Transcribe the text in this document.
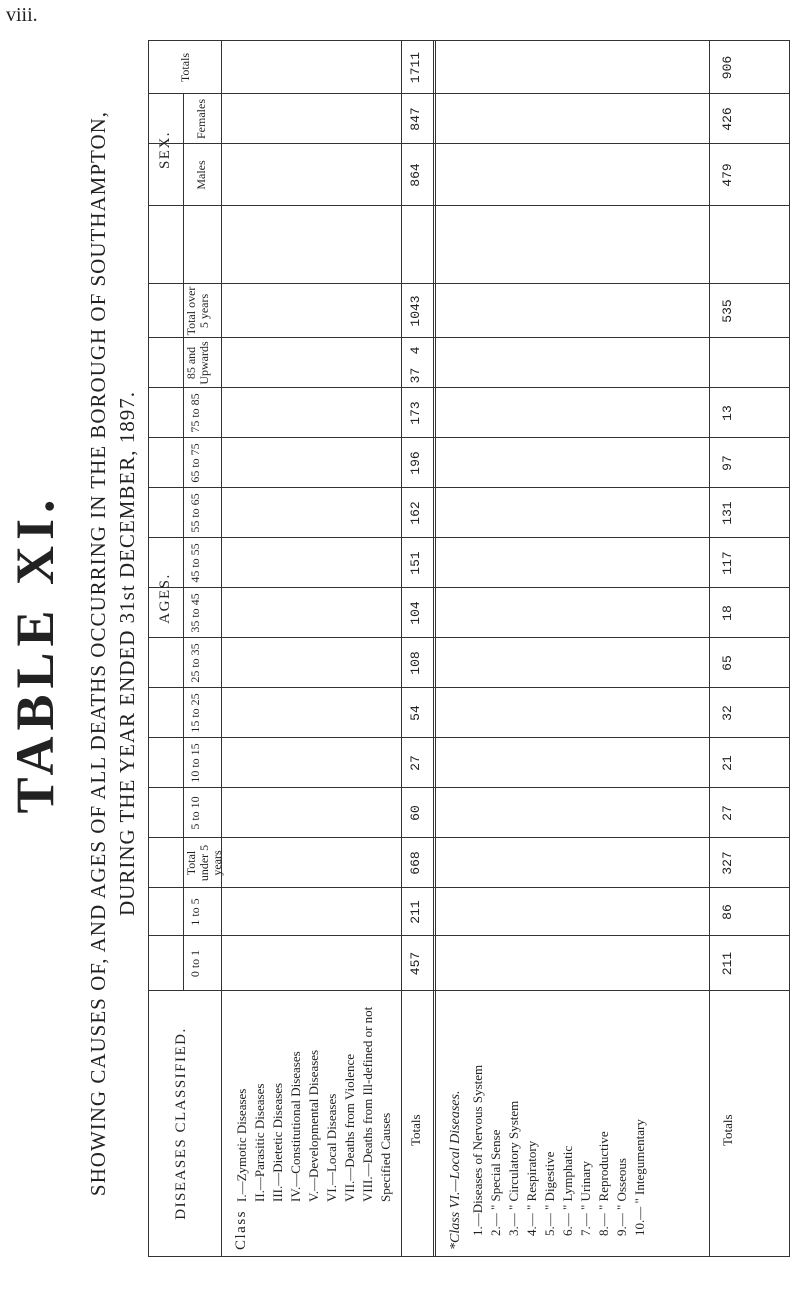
viii.
TABLE XI. SHOWING CAUSES OF, AND AGES OF ALL DEATHS OCCURRING IN THE BOROUGH OF SOUTHAMPTON, DURING THE YEAR ENDED 31st DECEMBER, 1897.
DISEASES CLASSIFIED.
AGES.
SEX.
0 to 1
1 to 5
Total under 5 years
5 to 10
10 to 15
15 to 25
25 to 35
35 to 45
45 to 55
55 to 65
65 to 75
75 to 85
85 and Upwards
Total over 5 years
Males
Females
Totals
Class
I.—Zymotic Diseases II.—Parasitic Diseases III.—Dietetic Diseases IV.—Constitutional Diseases V.—Developmental Diseases VI.—Local Diseases VII.—Deaths from Violence VIII.—Deaths from Ill-defined or not Specified Causes Totals
457
211
668
60
27
54
108
104
151
162
196
173
37
4
1043
864
847
1711
*Class VI.—Local Diseases. 1.—Diseases of Nervous System 2.— " Special Sense 3.— " Circulatory System 4.— " Respiratory 5.— " Digestive 6.— " Lymphatic 7.— " Urinary 8.— " Reproductive 9.— " Osseous 10.— " Integumentary	Totals
211
86
327
27
21
32
65
18
117
131
97
13
535
479
426
906
